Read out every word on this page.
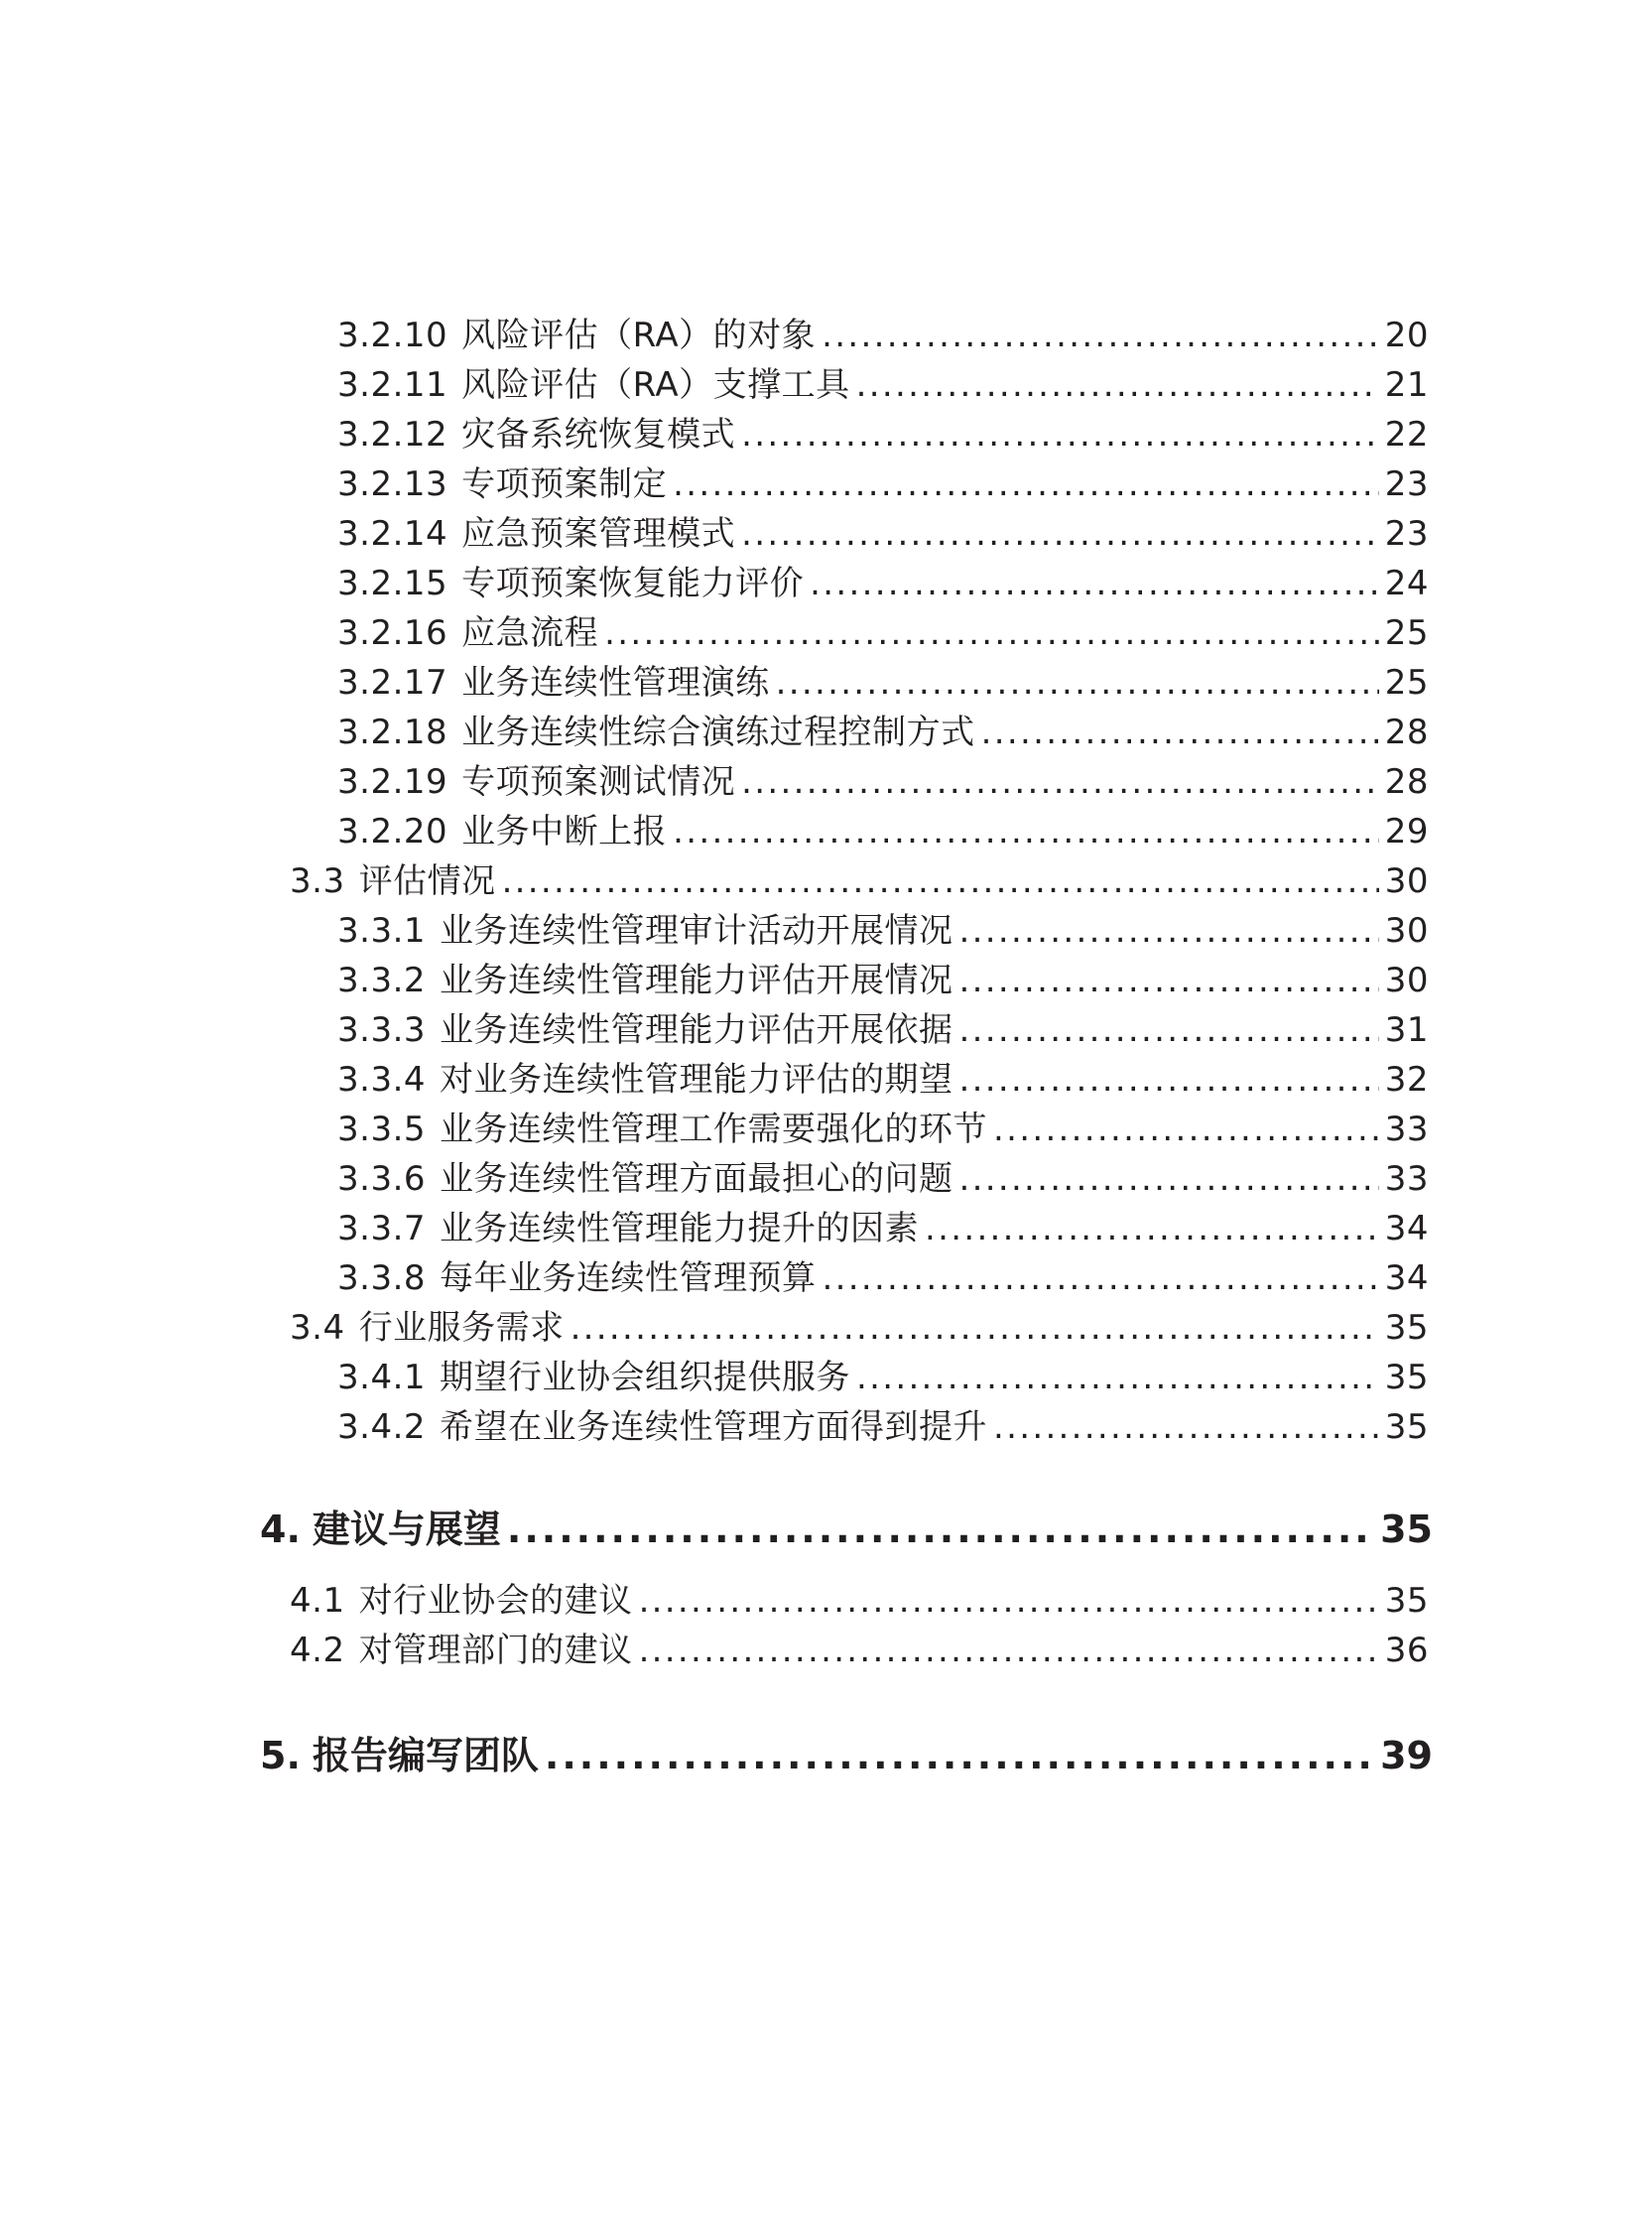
3.2.10 风险评估（RA）的对象 .....	20
3.2.11 风险评估（RA）支撑工具 .....	21
3.2.12 灾备系统恢复模式 .....	22
3.2.13 专项预案制定 .....	23
3.2.14 应急预案管理模式 .....	23
3.2.15 专项预案恢复能力评价 .....	24
3.2.16 应急流程 .....	25
3.2.17 业务连续性管理演练 .....	25
3.2.18 业务连续性综合演练过程控制方式 .....	28
3.2.19 专项预案测试情况 .....	28
3.2.20 业务中断上报 .....	29
3.3 评估情况 .....	30
3.3.1 业务连续性管理审计活动开展情况 .....	30
3.3.2 业务连续性管理能力评估开展情况 .....	30
3.3.3 业务连续性管理能力评估开展依据 .....	31
3.3.4 对业务连续性管理能力评估的期望 .....	32
3.3.5 业务连续性管理工作需要强化的环节 .....	33
3.3.6 业务连续性管理方面最担心的问题 .....	33
3.3.7 业务连续性管理能力提升的因素 .....	34
3.3.8 每年业务连续性管理预算 .....	34
3.4 行业服务需求 .....	35
3.4.1 期望行业协会组织提供服务 .....	35
3.4.2 希望在业务连续性管理方面得到提升 .....	35
4. 建议与展望 .....	35
4.1 对行业协会的建议 .....	35
4.2 对管理部门的建议 .....	36
5. 报告编写团队 .....	39
